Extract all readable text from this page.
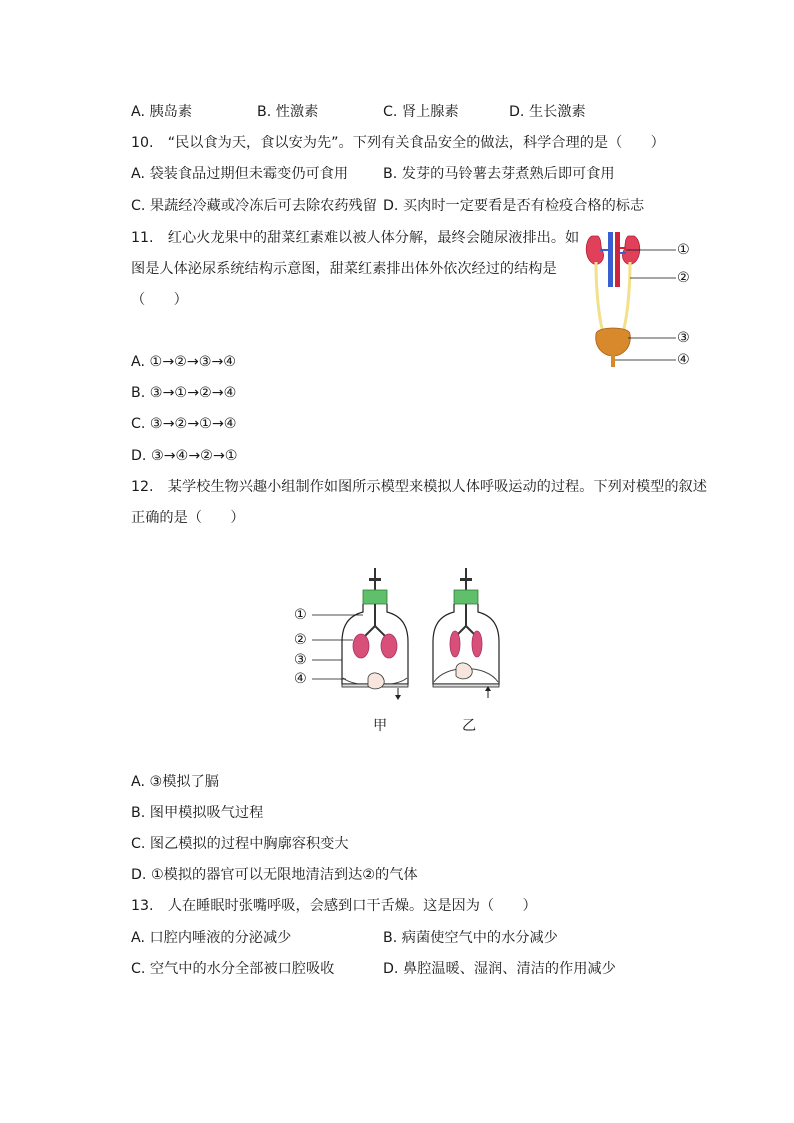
A. 胰岛素	B. 性激素	C. 肾上腺素	D. 生长激素
10.　“民以食为天，食以安为先”。下列有关食品安全的做法，科学合理的是（　　）
A. 袋装食品过期但未霉变仍可食用 B. 发芽的马铃薯去芽煮熟后即可食用
C. 果蔬经冷藏或冷冻后可去除农药残留 D. 买肉时一定要看是否有检疫合格的标志
11.　红心火龙果中的甜菜红素难以被人体分解，最终会随尿液排出。如
图是人体泌尿系统结构示意图，甜菜红素排出体外依次经过的结构是
（　　）
①
②
③
④
A. ①→②→③→④
B. ③→①→②→④
C. ③→②→①→④
D. ③→④→②→①
12.　某学校生物兴趣小组制作如图所示模型来模拟人体呼吸运动的过程。下列对模型的叙述
正确的是（　　）
①
②
③
④
甲	乙
A. ③模拟了膈
B. 图甲模拟吸气过程
C. 图乙模拟的过程中胸廓容积变大
D. ①模拟的器官可以无限地清洁到达②的气体
13.　人在睡眠时张嘴呼吸，会感到口干舌燥。这是因为（　　）
A. 口腔内唾液的分泌减少	B. 病菌使空气中的水分减少
C. 空气中的水分全部被口腔吸收	D. 鼻腔温暖、湿润、清洁的作用减少
